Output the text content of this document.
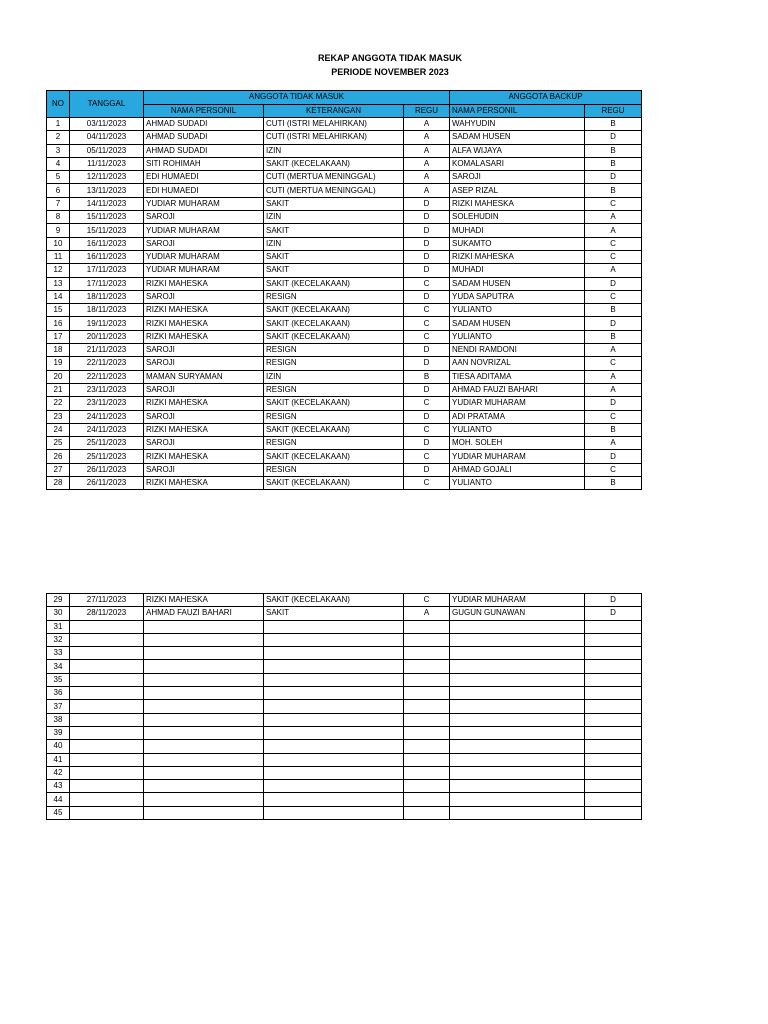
REKAP ANGGOTA TIDAK MASUK
PERIODE NOVEMBER 2023
NO	TANGGAL	ANGGOTA TIDAK MASUK			ANGGOTA BACKUP	
		NAMA PERSONIL	KETERANGAN	REGU	NAMA PERSONIL	REGU
1	03/11/2023	AHMAD SUDADI	CUTI (ISTRI MELAHIRKAN)	A	WAHYUDIN	B
2	04/11/2023	AHMAD SUDADI	CUTI (ISTRI MELAHIRKAN)	A	SADAM HUSEN	D
3	05/11/2023	AHMAD SUDADI	IZIN	A	ALFA WIJAYA	B
4	11/11/2023	SITI ROHIMAH	SAKIT (KECELAKAAN)	A	KOMALASARI	B
5	12/11/2023	EDI HUMAEDI	CUTI (MERTUA MENINGGAL)	A	SAROJI	D
6	13/11/2023	EDI HUMAEDI	CUTI (MERTUA MENINGGAL)	A	ASEP RIZAL	B
7	14/11/2023	YUDIAR MUHARAM	SAKIT	D	RIZKI MAHESKA	C
8	15/11/2023	SAROJI	IZIN	D	SOLEHUDIN	A
9	15/11/2023	YUDIAR MUHARAM	SAKIT	D	MUHADI	A
10	16/11/2023	SAROJI	IZIN	D	SUKAMTO	C
11	16/11/2023	YUDIAR MUHARAM	SAKIT	D	RIZKI MAHESKA	C
12	17/11/2023	YUDIAR MUHARAM	SAKIT	D	MUHADI	A
13	17/11/2023	RIZKI MAHESKA	SAKIT (KECELAKAAN)	C	SADAM HUSEN	D
14	18/11/2023	SAROJI	RESIGN	D	YUDA SAPUTRA	C
15	18/11/2023	RIZKI MAHESKA	SAKIT (KECELAKAAN)	C	YULIANTO	B
16	19/11/2023	RIZKI MAHESKA	SAKIT (KECELAKAAN)	C	SADAM HUSEN	D
17	20/11/2023	RIZKI MAHESKA	SAKIT (KECELAKAAN)	C	YULIANTO	B
18	21/11/2023	SAROJI	RESIGN	D	NENDI RAMDONI	A
19	22/11/2023	SAROJI	RESIGN	D	AAN NOVRIZAL	C
20	22/11/2023	MAMAN SURYAMAN	IZIN	B	TIESA ADITAMA	A
21	23/11/2023	SAROJI	RESIGN	D	AHMAD FAUZI BAHARI	A
22	23/11/2023	RIZKI MAHESKA	SAKIT (KECELAKAAN)	C	YUDIAR MUHARAM	D
23	24/11/2023	SAROJI	RESIGN	D	ADI PRATAMA	C
24	24/11/2023	RIZKI MAHESKA	SAKIT (KECELAKAAN)	C	YULIANTO	B
25	25/11/2023	SAROJI	RESIGN	D	MOH. SOLEH	A
26	25/11/2023	RIZKI MAHESKA	SAKIT (KECELAKAAN)	C	YUDIAR MUHARAM	D
27	26/11/2023	SAROJI	RESIGN	D	AHMAD GOJALI	C
28	26/11/2023	RIZKI MAHESKA	SAKIT (KECELAKAAN)	C	YULIANTO	B
29	27/11/2023	RIZKI MAHESKA	SAKIT (KECELAKAAN)	C	YUDIAR MUHARAM	D
30	28/11/2023	AHMAD FAUZI BAHARI	SAKIT	A	GUGUN GUNAWAN	D
31						
32						
33						
34						
35						
36						
37						
38						
39						
40						
41						
42						
43						
44						
45						
